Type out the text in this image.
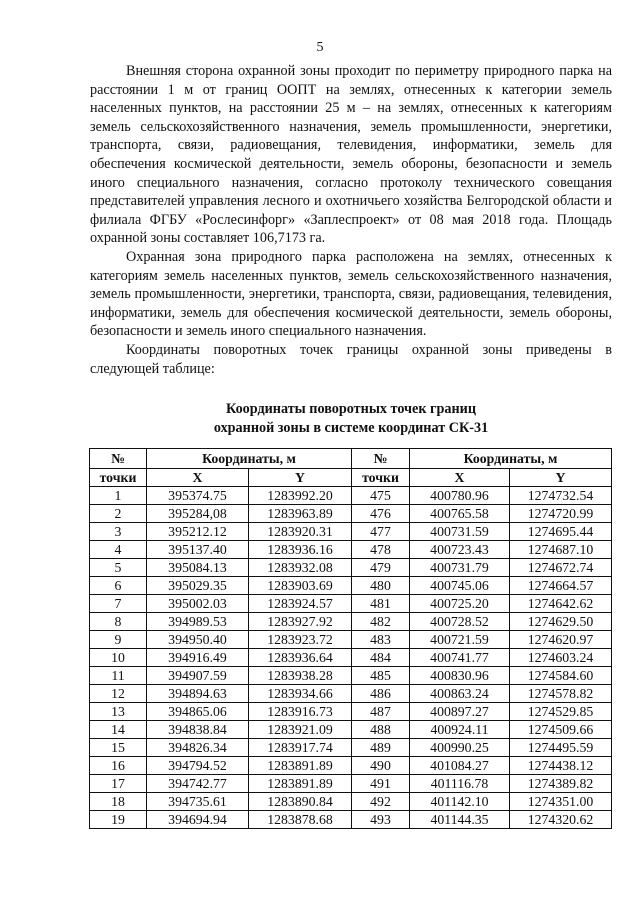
5

Внешняя сторона охранной зоны проходит по периметру природного парка на расстоянии 1 м от границ ООПТ на землях, отнесенных к категории земель населенных пунктов, на расстоянии 25 м – на землях, отнесенных к категориям земель сельскохозяйственного назначения, земель промышленности, энергетики, транспорта, связи, радиовещания, телевидения, информатики, земель для обеспечения космической деятельности, земель обороны, безопасности и земель иного специального назначения, согласно протоколу технического совещания представителей управления лесного и охотничьего хозяйства Белгородской области и филиала ФГБУ «Рослесинфорг» «Заплеспроект» от 08 мая 2018 года. Площадь охранной зоны составляет 106,7173 га.

Охранная зона природного парка расположена на землях, отнесенных к категориям земель населенных пунктов, земель сельскохозяйственного назначения, земель промышленности, энергетики, транспорта, связи, радиовещания, телевидения, информатики, земель для обеспечения космической деятельности, земель обороны, безопасности и земель иного специального назначения.

Координаты поворотных точек границы охранной зоны приведены в следующей таблице:

Координаты поворотных точек границ
охранной зоны в системе координат СК-31
№	Координаты, м		№	Координаты, м	
точки	X	Y	точки	X	Y
1	395374.75	1283992.20	475	400780.96	1274732.54
2	395284,08	1283963.89	476	400765.58	1274720.99
3	395212.12	1283920.31	477	400731.59	1274695.44
4	395137.40	1283936.16	478	400723.43	1274687.10
5	395084.13	1283932.08	479	400731.79	1274672.74
6	395029.35	1283903.69	480	400745.06	1274664.57
7	395002.03	1283924.57	481	400725.20	1274642.62
8	394989.53	1283927.92	482	400728.52	1274629.50
9	394950.40	1283923.72	483	400721.59	1274620.97
10	394916.49	1283936.64	484	400741.77	1274603.24
11	394907.59	1283938.28	485	400830.96	1274584.60
12	394894.63	1283934.66	486	400863.24	1274578.82
13	394865.06	1283916.73	487	400897.27	1274529.85
14	394838.84	1283921.09	488	400924.11	1274509.66
15	394826.34	1283917.74	489	400990.25	1274495.59
16	394794.52	1283891.89	490	401084.27	1274438.12
17	394742.77	1283891.89	491	401116.78	1274389.82
18	394735.61	1283890.84	492	401142.10	1274351.00
19	394694.94	1283878.68	493	401144.35	1274320.62
